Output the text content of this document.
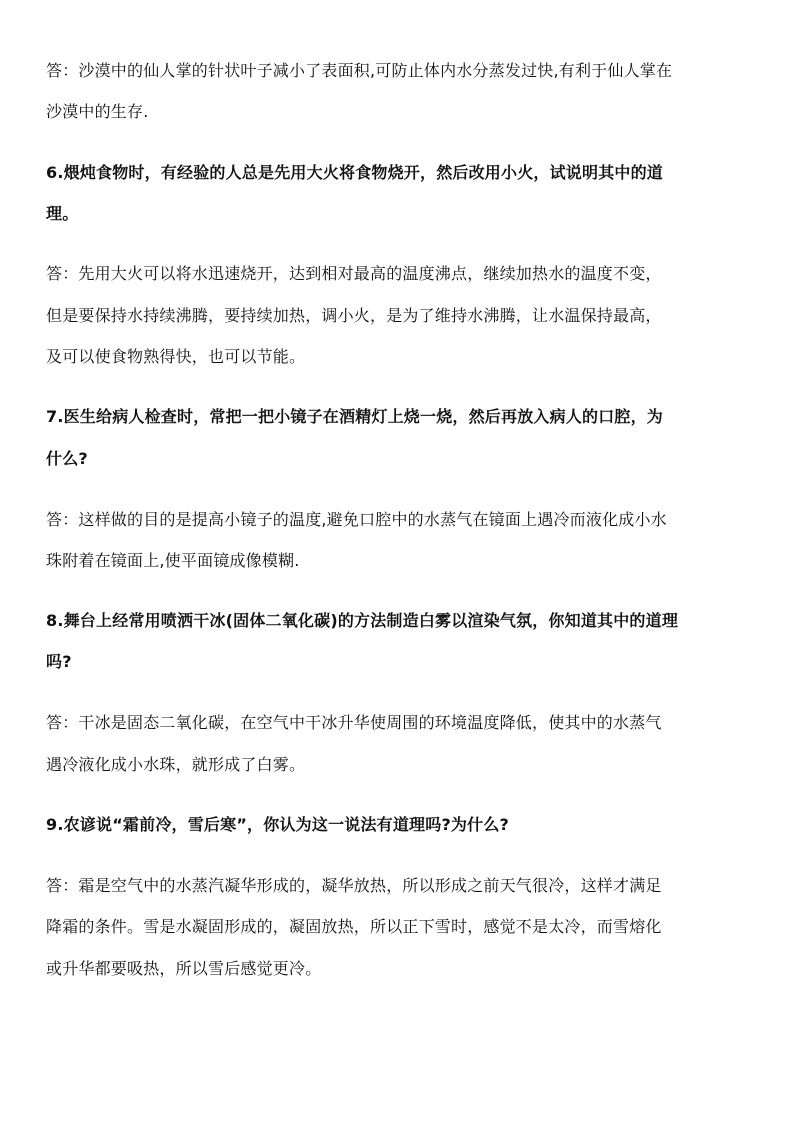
答：沙漠中的仙人掌的针状叶子减小了表面积,可防止体内水分蒸发过快,有利于仙人掌在
沙漠中的生存.
6.煨炖食物时，有经验的人总是先用大火将食物烧开，然后改用小火，试说明其中的道
理。
答：先用大火可以将水迅速烧开，达到相对最高的温度沸点，继续加热水的温度不变，
但是要保持水持续沸腾，要持续加热，调小火，是为了维持水沸腾，让水温保持最高，
及可以使食物熟得快，也可以节能。
7.医生给病人检查时，常把一把小镜子在酒精灯上烧一烧，然后再放入病人的口腔，为
什么?
答：这样做的目的是提高小镜子的温度,避免口腔中的水蒸气在镜面上遇冷而液化成小水
珠附着在镜面上,使平面镜成像模糊.
8.舞台上经常用喷洒干冰(固体二氧化碳)的方法制造白雾以渲染气氛，你知道其中的道理
吗?
答：干冰是固态二氧化碳，在空气中干冰升华使周围的环境温度降低，使其中的水蒸气
遇冷液化成小水珠，就形成了白雾。
9.农谚说“霜前冷，雪后寒”，你认为这一说法有道理吗?为什么?
答：霜是空气中的水蒸汽凝华形成的，凝华放热，所以形成之前天气很冷，这样才满足
降霜的条件。雪是水凝固形成的，凝固放热，所以正下雪时，感觉不是太冷，而雪熔化
或升华都要吸热，所以雪后感觉更冷。
